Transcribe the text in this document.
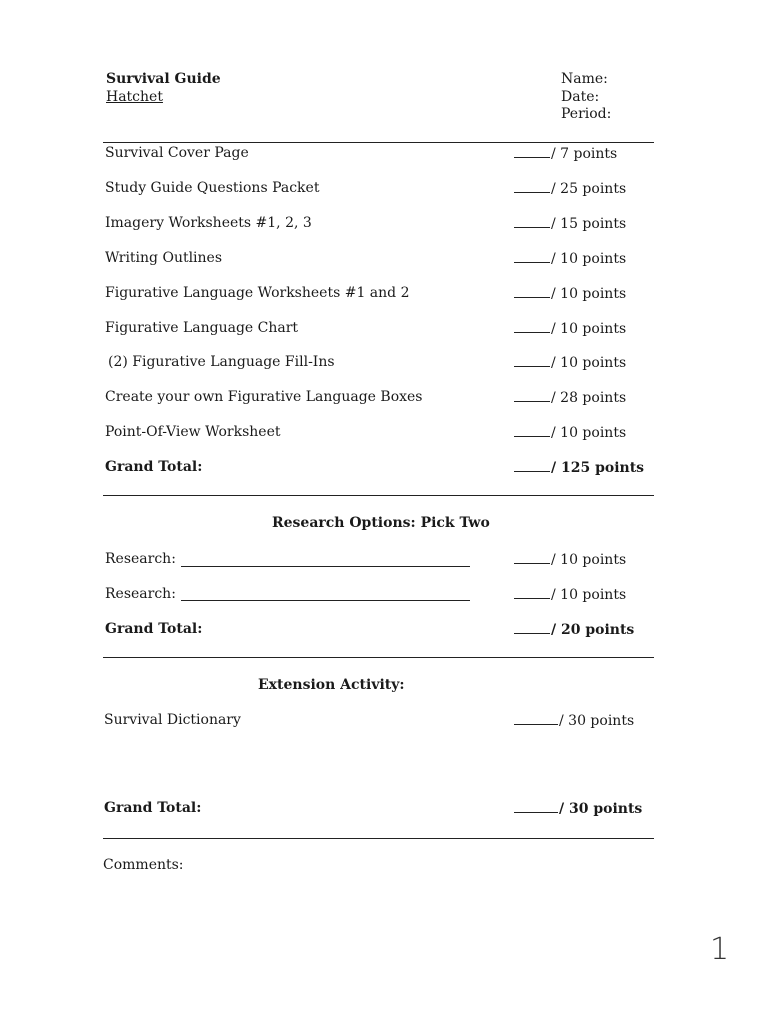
Survival Guide
Hatchet
Name:
Date:
Period:
Survival Cover Page	/ 7 points
Study Guide Questions Packet	/ 25 points
Imagery Worksheets #1, 2, 3	/ 15 points
Writing Outlines	/ 10 points
Figurative Language Worksheets #1 and 2	/ 10 points
Figurative Language Chart	/ 10 points
(2) Figurative Language Fill-Ins	/ 10 points
Create your own Figurative Language Boxes	/ 28 points
Point-Of-View Worksheet	/ 10 points
Grand Total:	/ 125 points
Research Options: Pick Two
Research:	/ 10 points
Research:	/ 10 points
Grand Total:	/ 20 points
Extension Activity:
Survival Dictionary	/ 30 points
Grand Total:	/ 30 points
Comments:
1
